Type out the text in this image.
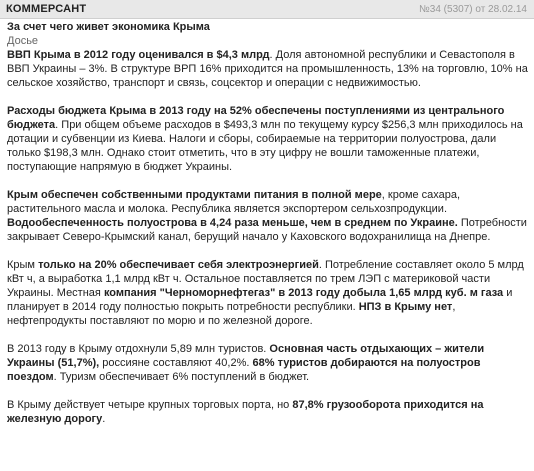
КОММЕРСАНТ	№34 (5307) от 28.02.14
За счет чего живет экономика Крыма
Досье

ВВП Крыма в 2012 году оценивался в $4,3 млрд. Доля автономной республики и Севастополя в ВВП Украины – 3%. В структуре ВРП 16% приходится на промышленность, 13% на торговлю, 10% на сельское хозяйство, транспорт и связь, соцсектор и операции с недвижимостью.

Расходы бюджета Крыма в 2013 году на 52% обеспечены поступлениями из центрального бюджета. При общем объеме расходов в $493,3 млн по текущему курсу $256,3 млн приходилось на дотации и субвенции из Киева. Налоги и сборы, собираемые на территории полуострова, дали только $198,3 млн. Однако стоит отметить, что в эту цифру не вошли таможенные платежи, поступающие напрямую в бюджет Украины.

Крым обеспечен собственными продуктами питания в полной мере, кроме сахара, растительного масла и молока. Республика является экспортером сельхозпродукции.

Водообеспеченность полуострова в 4,24 раза меньше, чем в среднем по Украине. Потребности закрывает Северо-Крымский канал, берущий начало у Каховского водохранилища на Днепре.

Крым только на 20% обеспечивает себя электроэнергией. Потребление составляет около 5 млрд кВт ч, а выработка 1,1 млрд кВт ч. Остальное поставляется по трем ЛЭП с материковой части Украины. Местная компания "Черноморнефтегаз" в 2013 году добыла 1,65 млрд куб. м газа и планирует в 2014 году полностью покрыть потребности республики. НПЗ в Крыму нет, нефтепродукты поставляют по морю и по железной дороге.

В 2013 году в Крыму отдохнули 5,89 млн туристов. Основная часть отдыхающих – жители Украины (51,7%), россияне составляют 40,2%. 68% туристов добираются на полуостров поездом. Туризм обеспечивает 6% поступлений в бюджет.

В Крыму действует четыре крупных торговых порта, но 87,8% грузооборота приходится на железную дорогу.
